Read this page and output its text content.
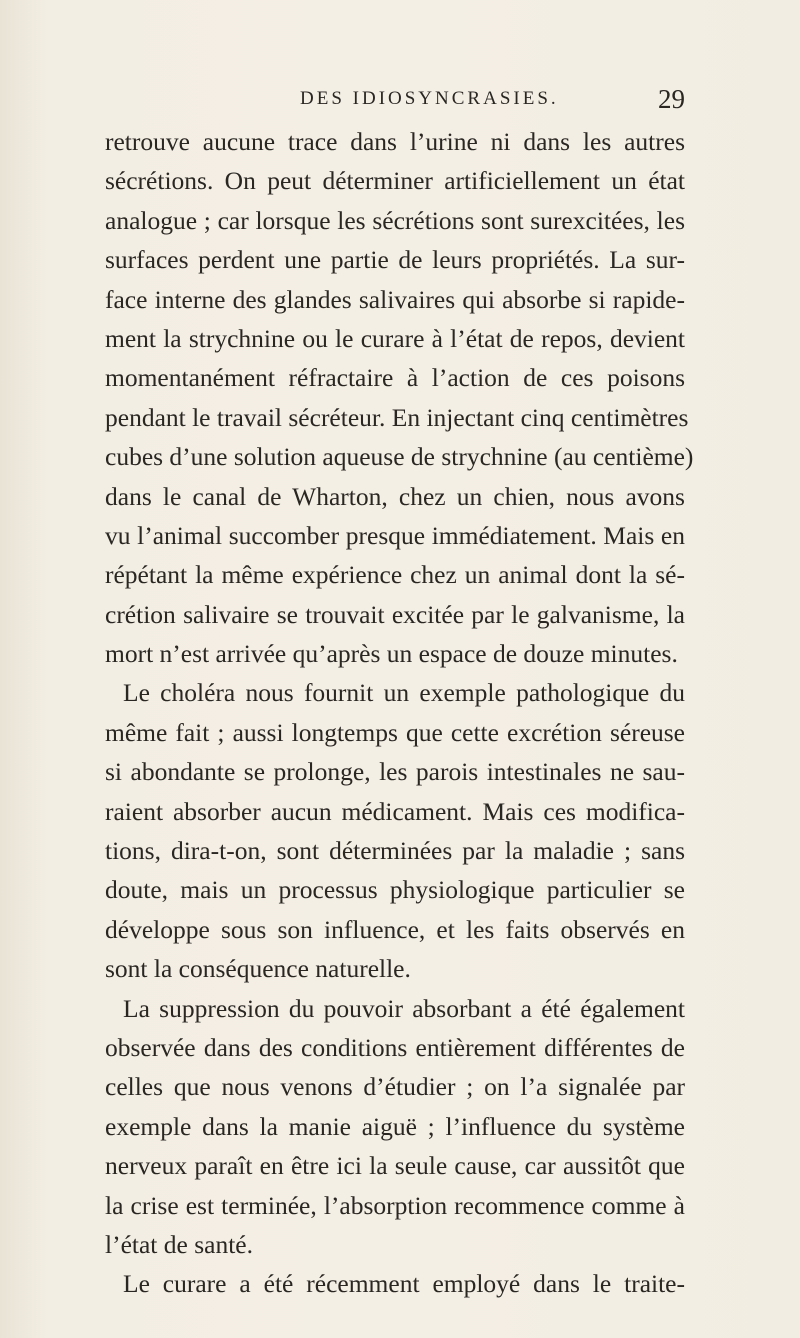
DES IDIOSYNCRASIES.	29
retrouve aucune trace dans l’urine ni dans les autres
sécrétions. On peut déterminer artificiellement un état
analogue ; car lorsque les sécrétions sont surexcitées, les
surfaces perdent une partie de leurs propriétés. La sur-
face interne des glandes salivaires qui absorbe si rapide-
ment la strychnine ou le curare à l’état de repos, devient
momentanément réfractaire à l’action de ces poisons
pendant le travail sécréteur. En injectant cinq centimètres
cubes d’une solution aqueuse de strychnine (au centième)
dans le canal de Wharton, chez un chien, nous avons
vu l’animal succomber presque immédiatement. Mais en
répétant la même expérience chez un animal dont la sé-
crétion salivaire se trouvait excitée par le galvanisme, la
mort n’est arrivée qu’après un espace de douze minutes.
Le choléra nous fournit un exemple pathologique du
même fait ; aussi longtemps que cette excrétion séreuse
si abondante se prolonge, les parois intestinales ne sau-
raient absorber aucun médicament. Mais ces modifica-
tions, dira-t-on, sont déterminées par la maladie ; sans
doute, mais un processus physiologique particulier se
développe sous son influence, et les faits observés en
sont la conséquence naturelle.
La suppression du pouvoir absorbant a été également
observée dans des conditions entièrement différentes de
celles que nous venons d’étudier ; on l’a signalée par
exemple dans la manie aiguë ; l’influence du système
nerveux paraît en être ici la seule cause, car aussitôt que
la crise est terminée, l’absorption recommence comme à
l’état de santé.
Le curare a été récemment employé dans le traite-
